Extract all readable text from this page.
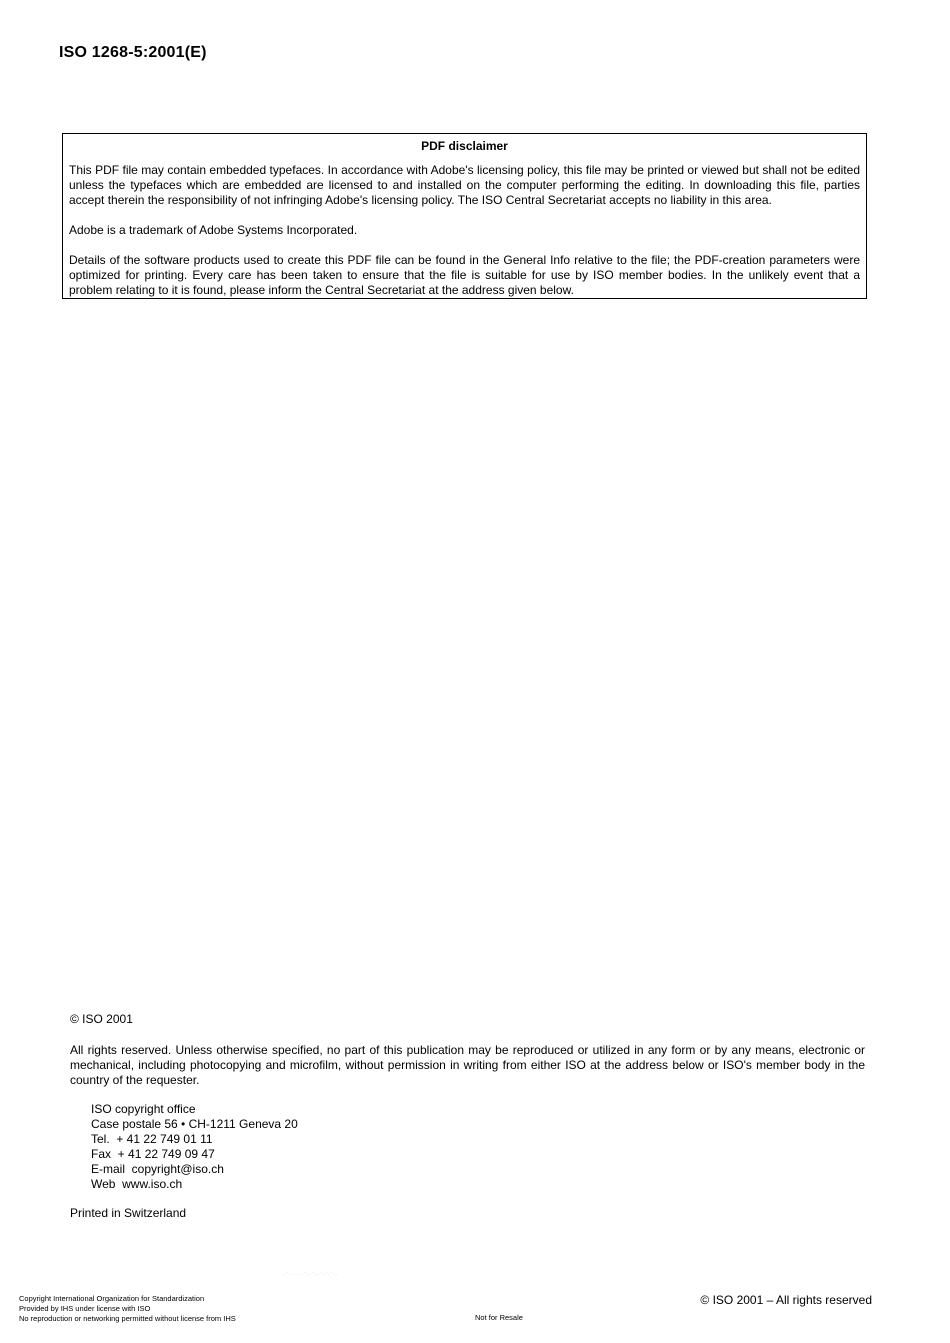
ISO 1268-5:2001(E)
PDF disclaimer

This PDF file may contain embedded typefaces. In accordance with Adobe's licensing policy, this file may be printed or viewed but shall not be edited unless the typefaces which are embedded are licensed to and installed on the computer performing the editing. In downloading this file, parties accept therein the responsibility of not infringing Adobe's licensing policy. The ISO Central Secretariat accepts no liability in this area.

Adobe is a trademark of Adobe Systems Incorporated.

Details of the software products used to create this PDF file can be found in the General Info relative to the file; the PDF-creation parameters were optimized for printing. Every care has been taken to ensure that the file is suitable for use by ISO member bodies. In the unlikely event that a problem relating to it is found, please inform the Central Secretariat at the address given below.

© ISO 2001

All rights reserved. Unless otherwise specified, no part of this publication may be reproduced or utilized in any form or by any means, electronic or mechanical, including photocopying and microfilm, without permission in writing from either ISO at the address below or ISO's member body in the country of the requester.

ISO copyright office
Case postale 56 • CH-1211 Geneva 20
Tel.  + 41 22 749 01 11
Fax  + 41 22 749 09 47
E-mail  copyright@iso.ch
Web  www.iso.ch

Printed in Switzerland

··'·····'··'··'·'·'··
Copyright International Organization for Standardization
Provided by IHS under license with ISO
No reproduction or networking permitted without license from IHS	Not for Resale
© ISO 2001 – All rights reserved
